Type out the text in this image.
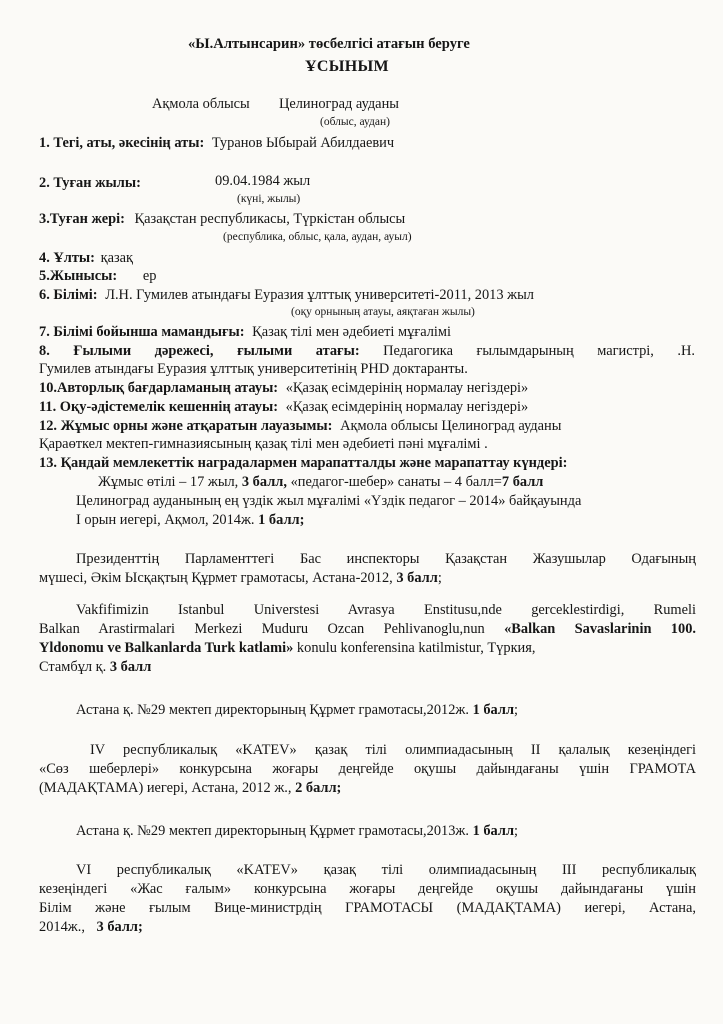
«Ы.Алтынсарин» төсбелгісі атағын беруге
ҰСЫНЫМ
Ақмола облысы Целиноград ауданы
(облыс, аудан)
1. Тегі, аты, әкесінің аты: Туранов Ыбырай Абилдаевич
2. Туған жылы:	09.04.1984 жыл
(күні, жылы)
3.Туған жері: Қазақстан республикасы, Түркістан облысы
(республика, облыс, қала, аудан, ауыл)
4. Ұлты: қазақ
5.Жынысы: ер
6. Білімі: Л.Н. Гумилев атындағы Еуразия ұлттық университеті-2011, 2013 жыл
(оқу орнының атауы, аяқтаған жылы)
7. Білімі бойынша мамандығы: Қазақ тілі мен әдебиеті мұғалімі
8. Ғылыми дәрежесі, ғылыми атағы: Педагогика ғылымдарының магистрі, .Н.
Гумилев атындағы Еуразия ұлттық университетінің PHD доктаранты.
10.Авторлық бағдарламаның атауы: «Қазақ есімдерінің нормалау негіздері»
11. Оқу-әдістемелік кешеннің атауы: «Қазақ есімдерінің нормалау негіздері»
12. Жұмыс орны және атқаратын лауазымы: Ақмола облысы Целиноград ауданы
Қараөткел мектеп-гимназиясының қазақ тілі мен әдебиеті пәні мұғалімі .
13. Қандай мемлекеттік наградалармен марапатталды және марапаттау күндері:
Жұмыс өтілі – 17 жыл, 3 балл, «педагог-шебер» санаты – 4 балл=7 балл
Целиноград ауданының ең үздік жыл мұғалімі «Үздік педагог – 2014» байқауында
І орын иегері, Ақмол, 2014ж. 1 балл;
Президенттің Парламенттегі Бас инспекторы Қазақстан Жазушылар Одағының
мүшесі, Әкім Ысқақтың Құрмет грамотасы, Астана-2012, 3 балл;
Vakfifimizin Istanbul Universtesi Avrasya Enstitusu,nde gerceklestirdigi, Rumeli
Balkan Arastirmalari Merkezi Muduru Ozcan Pehlivanoglu,nun «Balkan Savaslarinin 100.
Yldonomu ve Balkanlarda Turk katlami» konulu konferensina katilmistur, Түркия,
Стамбұл қ. 3 балл
Астана қ. №29 мектеп директорының Құрмет грамотасы,2012ж. 1 балл;
IV республикалық «KATEV» қазақ тілі олимпиадасының ІІ қалалық кезеңіндегі
«Сөз шеберлері» конкурсына жоғары деңгейде оқушы дайындағаны үшін ГРАМОТА
(МАДАҚТАМА) иегері, Астана, 2012 ж., 2 балл;
Астана қ. №29 мектеп директорының Құрмет грамотасы,2013ж. 1 балл;
VI республикалық «KATEV» қазақ тілі олимпиадасының ІІІ республикалық
кезеңіндегі «Жас ғалым» конкурсына жоғары деңгейде оқушы дайындағаны үшін
Білім және ғылым Вице-министрдің ГРАМОТАСЫ (МАДАҚТАМА) иегері, Астана,
2014ж., 3 балл;
